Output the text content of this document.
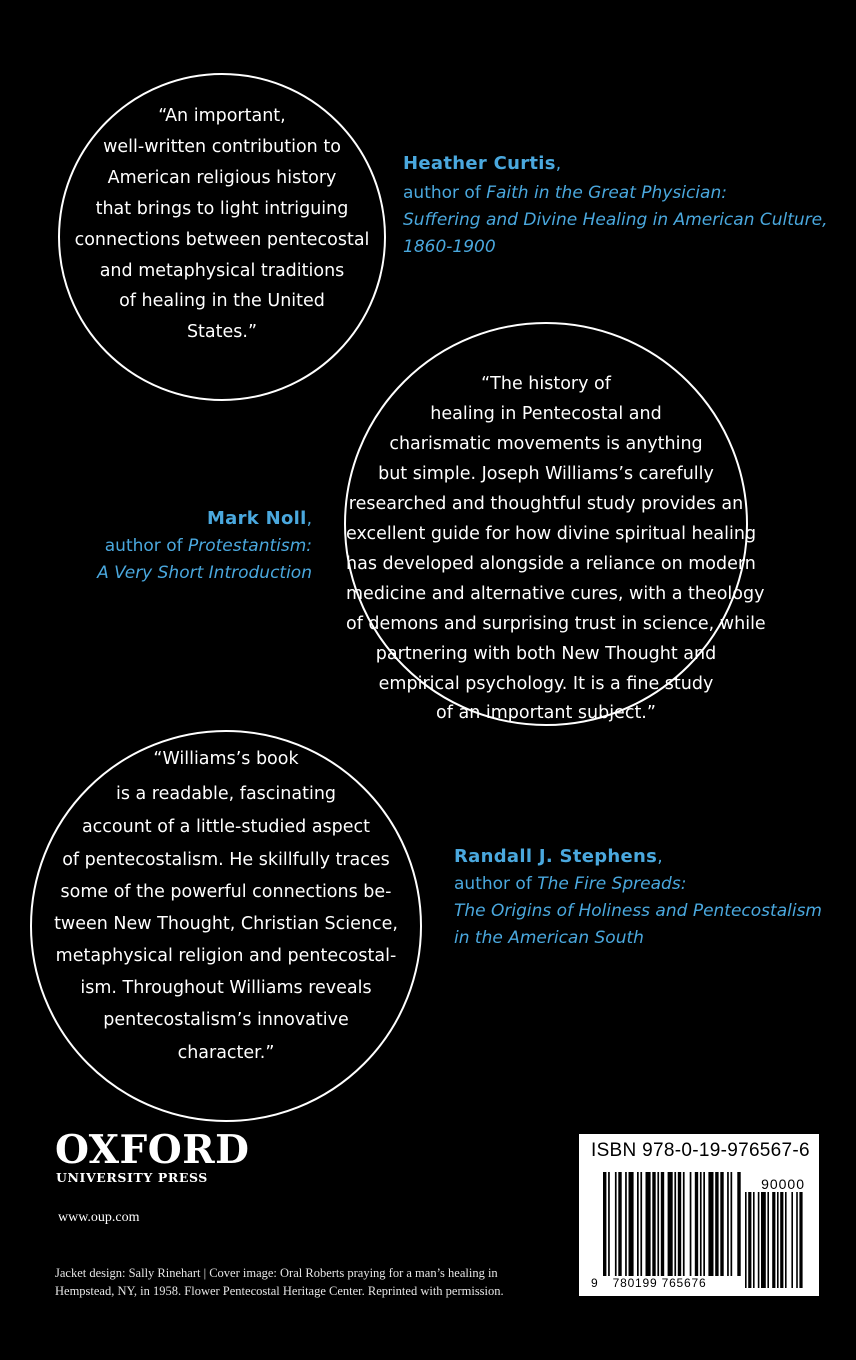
“An important,
well-written contribution to
American religious history
that brings to light intriguing
connections between pentecostal
and metaphysical traditions
of healing in the United
States.”
Heather Curtis,
author of Faith in the Great Physician:
Suffering and Divine Healing in American Culture,
1860-1900
“The history of
healing in Pentecostal and
charismatic movements is anything
but simple. Joseph Williams’s carefully
researched and thoughtful study provides an
excellent guide for how divine spiritual healing
has developed alongside a reliance on modern
medicine and alternative cures, with a theology
of demons and surprising trust in science, while
partnering with both New Thought and
empirical psychology. It is a fine study
of an important subject.”
Mark Noll,
author of Protestantism:
A Very Short Introduction
“Williams’s book
is a readable, fascinating
account of a little-studied aspect
of pentecostalism. He skillfully traces
some of the powerful connections be-
tween New Thought, Christian Science,
metaphysical religion and pentecostal-
ism. Throughout Williams reveals
pentecostalism’s innovative
character.”
Randall J. Stephens,
author of The Fire Spreads:
The Origins of Holiness and Pentecostalism
in the American South
OXFORD
UNIVERSITY PRESS
www.oup.com
Jacket design: Sally Rinehart | Cover image: Oral Roberts praying for a man’s healing in
Hempstead, NY, in 1958. Flower Pentecostal Heritage Center. Reprinted with permission.
ISBN 978-0-19-976567-6
90000
9 780199 765676
